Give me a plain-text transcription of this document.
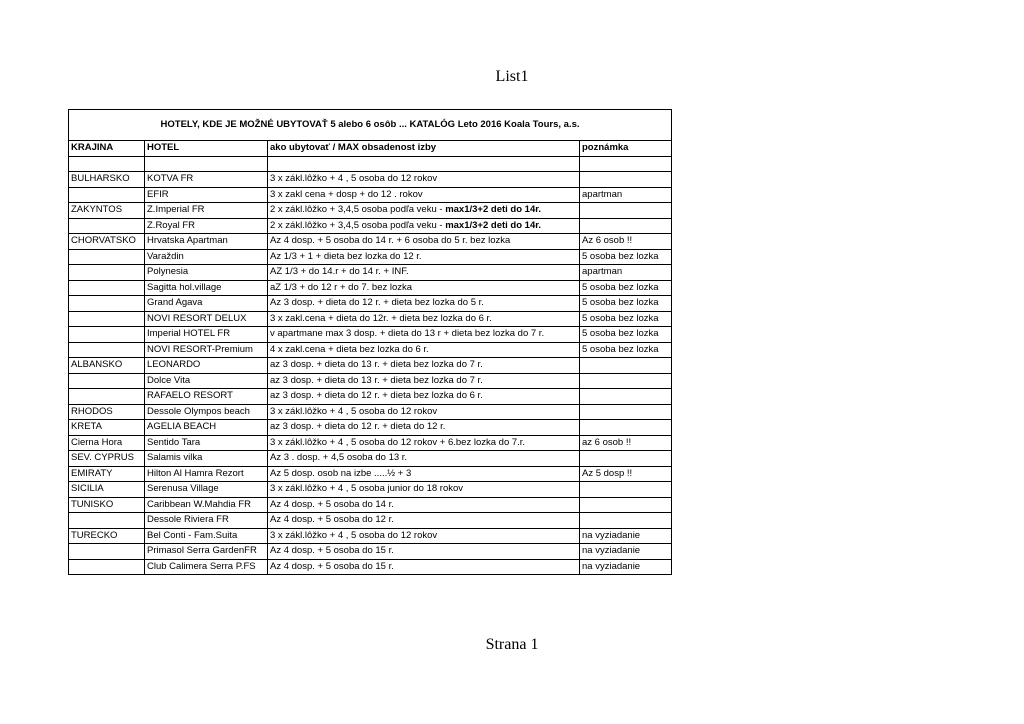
List1
HOTELY, KDE JE MOŽNÉ UBYTOVAŤ 5 alebo 6 osôb ... KATALÓG Leto 2016 Koala Tours, a.s.			
KRAJINA	HOTEL	ako ubytovať / MAX obsadenost izby	poznámka

BULHARSKO	KOTVA FR	3 x zákl.lôžko + 4 , 5 osoba do 12 rokov	
	EFIR	3 x zakl cena + dosp + do 12 . rokov	apartman
ZAKYNTOS	Z.Imperial FR	2 x zákl.lôžko + 3,4,5 osoba podľa veku - max1/3+2 deti do 14r.	
	Z.Royal FR	2 x zákl.lôžko + 3,4,5 osoba podľa veku - max1/3+2 deti do 14r.	
CHORVATSKO	Hrvatska Apartman	Az 4 dosp. + 5 osoba do 14 r. + 6 osoba do 5 r. bez lozka	Az 6 osob !!
	Varaždin	Az 1/3 + 1 + dieta bez lozka do 12 r.	5 osoba bez lozka
	Polynesia	AZ 1/3 + do 14.r + do 14 r. + INF.	apartman
	Sagitta hol.village	aZ 1/3 + do 12 r + do 7. bez lozka	5 osoba bez lozka
	Grand Agava	Az 3 dosp. + dieta do 12 r. + dieta bez lozka do 5 r.	5 osoba bez lozka
	NOVI RESORT DELUX	3 x zakl.cena + dieta do 12r. + dieta bez lozka do 6 r.	5 osoba bez lozka
	Imperial HOTEL FR	v apartmane max 3 dosp. + dieta do 13 r + dieta bez lozka do 7 r.	5 osoba bez lozka
	NOVI RESORT-Premium	4 x zakl.cena + dieta bez lozka do 6 r.	5 osoba bez lozka
ALBANSKO	LEONARDO	az 3 dosp. + dieta do 13 r. + dieta bez lozka do 7 r.	
	Dolce Vita	az 3 dosp. + dieta do 13 r. + dieta bez lozka do 7 r.	
	RAFAELO RESORT	az 3 dosp. + dieta do 12 r. + dieta bez lozka do 6 r.	
RHODOS	Dessole Olympos beach	3 x zákl.lôžko + 4 , 5 osoba do 12 rokov	
KRETA	AGELIA BEACH	az 3 dosp. + dieta do 12 r. + dieta do 12 r.	
Cierna Hora	Sentido Tara	3 x zákl.lôžko + 4 , 5 osoba do 12 rokov + 6.bez lozka do 7.r.	az 6 osob !!
SEV. CYPRUS	Salamis vilka	Az 3 . dosp. + 4,5 osoba do 13 r.	
EMIRATY	Hilton Al Hamra Rezort	Az 5 dosp. osob na izbe .....½ + 3	Az 5 dosp !!
SICILIA	Serenusa Village	3 x zákl.lôžko + 4 , 5 osoba junior do 18 rokov	
TUNISKO	Caribbean W.Mahdia FR	Az 4 dosp. + 5 osoba do 14 r.	
	Dessole Riviera FR	Az 4 dosp. + 5 osoba do 12 r.	
TURECKO	Bel Conti - Fam.Suita	3 x zákl.lôžko + 4 , 5 osoba do 12 rokov	na vyziadanie
	Primasol Serra GardenFR	Az 4 dosp. + 5 osoba do 15 r.	na vyziadanie
	Club Calimera Serra P.FS	Az 4 dosp. + 5 osoba do 15 r.	na vyziadanie
Strana 1
